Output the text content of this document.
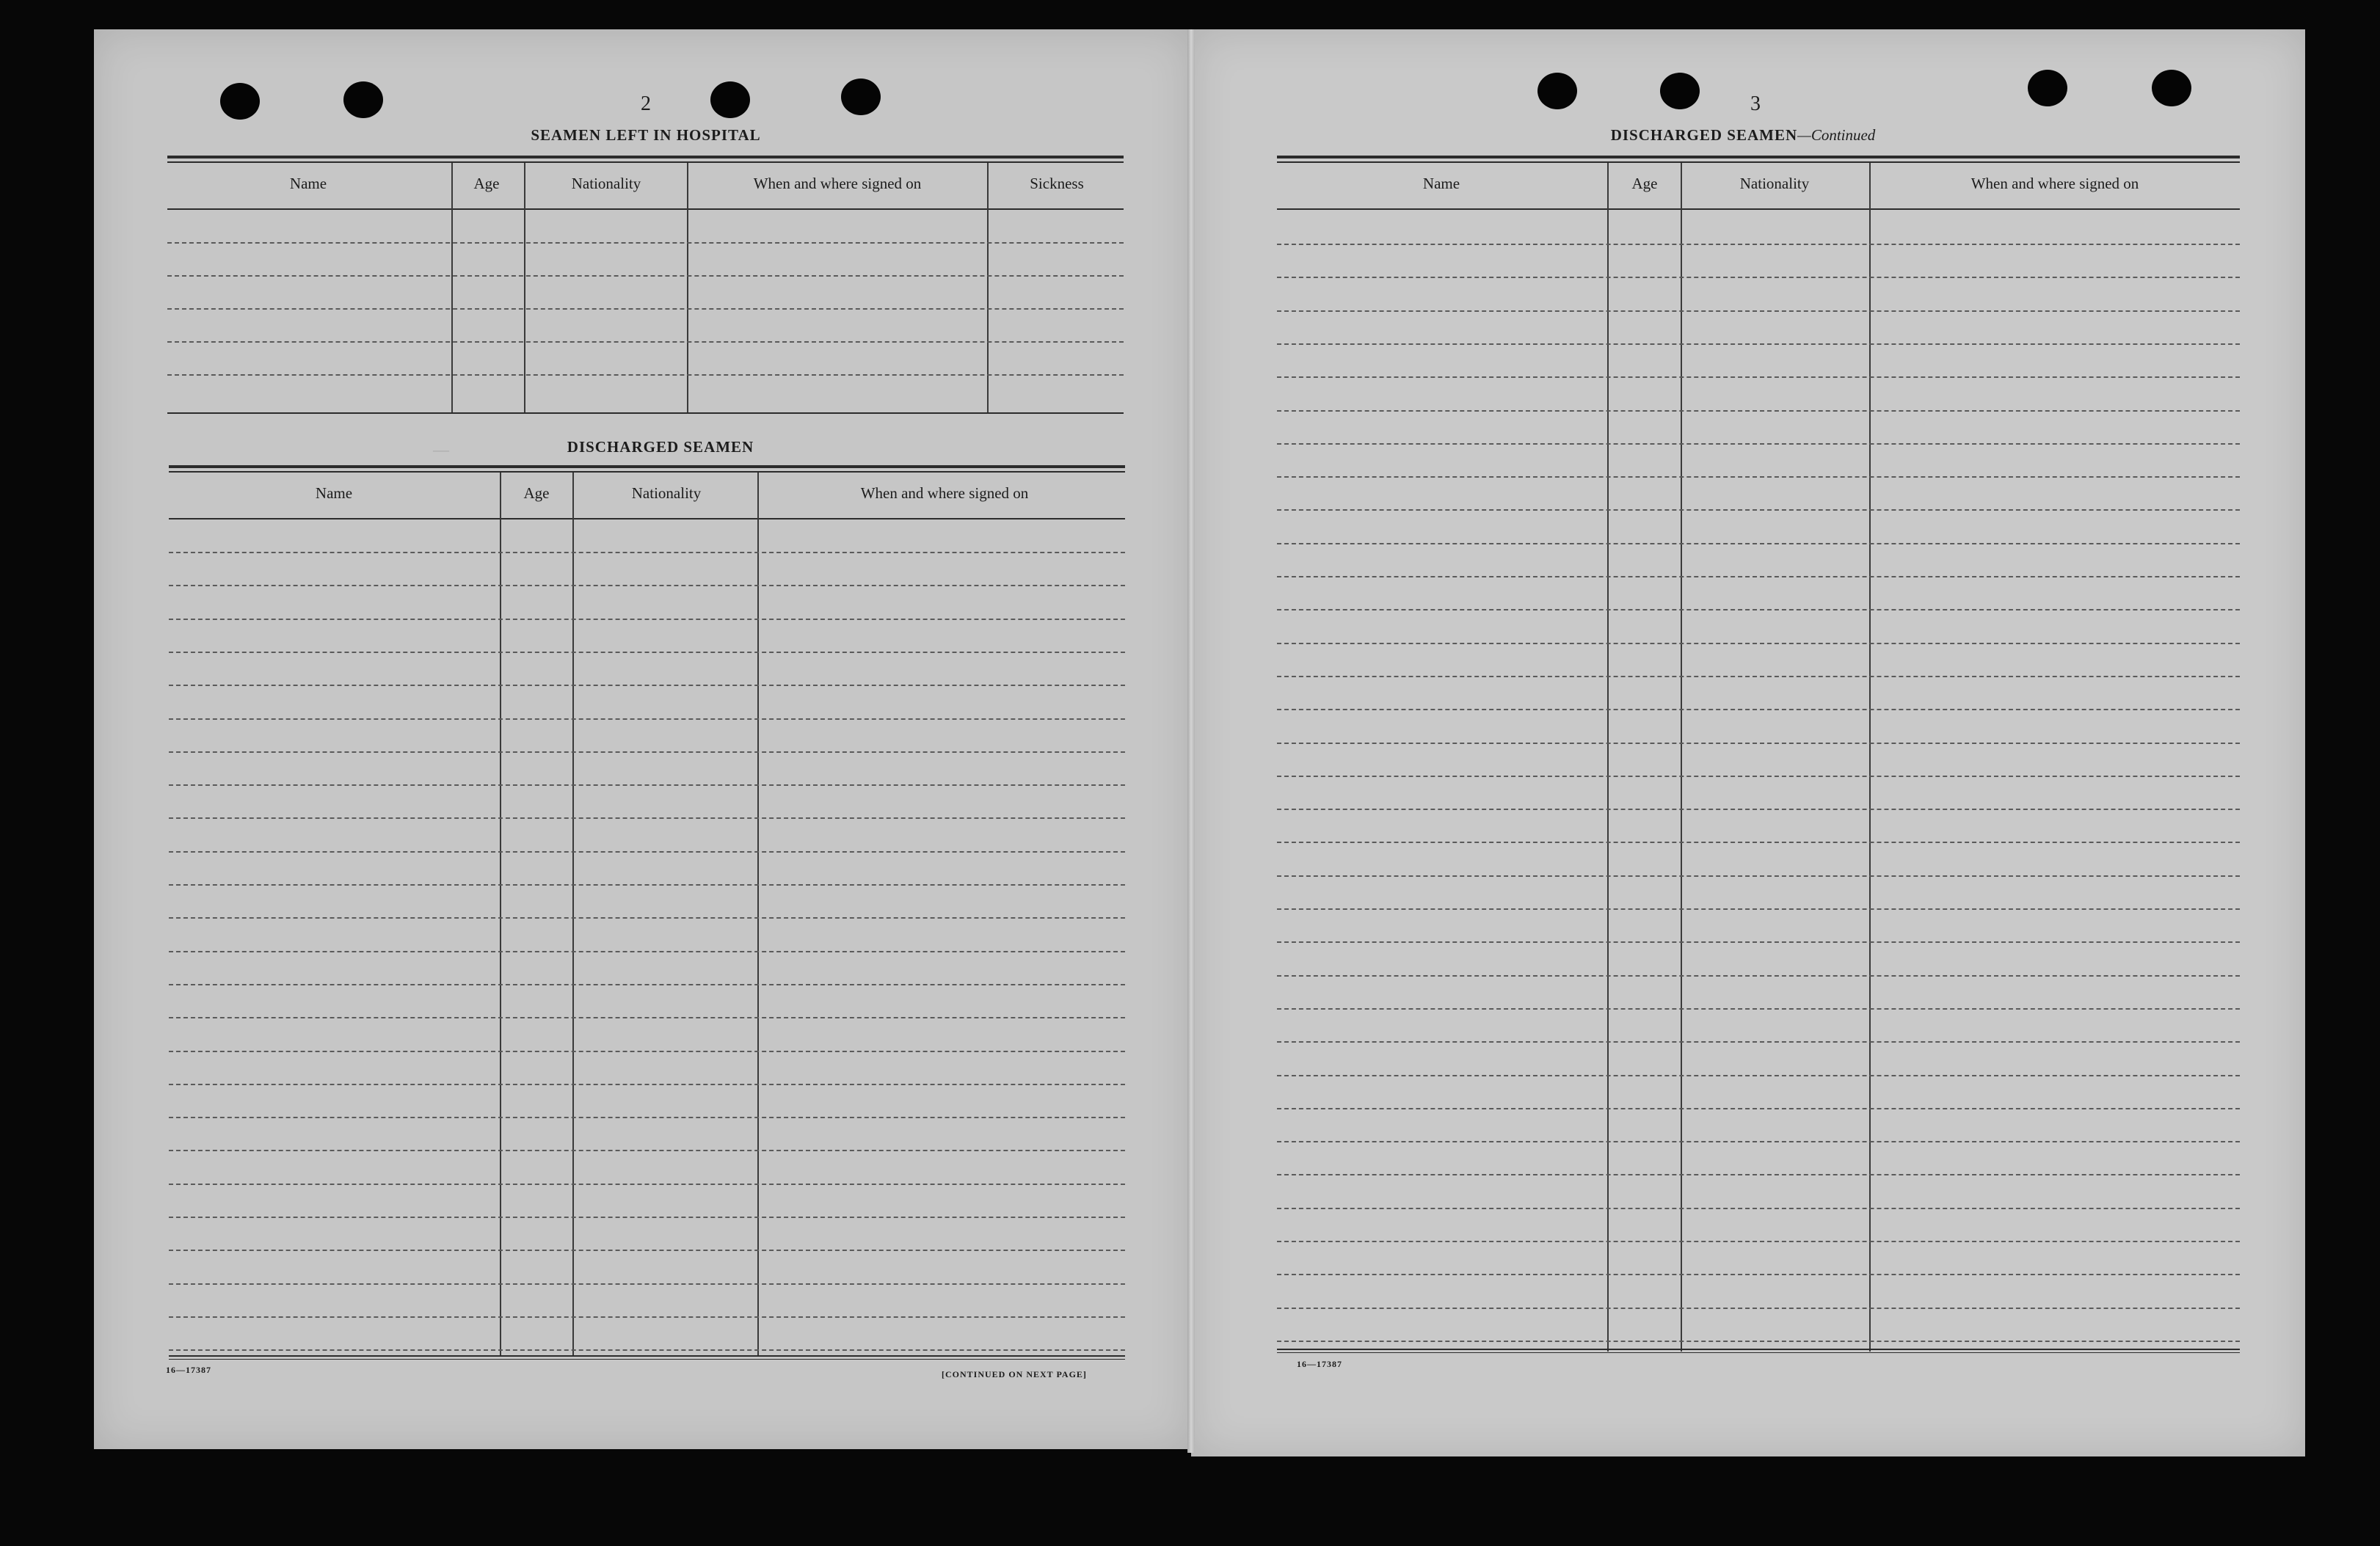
—
2
SEAMEN LEFT IN HOSPITAL
Name	Age	Nationality	When and where signed on	Sickness
DISCHARGED SEAMEN
Name	Age	Nationality	When and where signed on
16—17387	[CONTINUED ON NEXT PAGE]
3
DISCHARGED SEAMEN—Continued
Name	Age	Nationality	When and where signed on
16—17387
